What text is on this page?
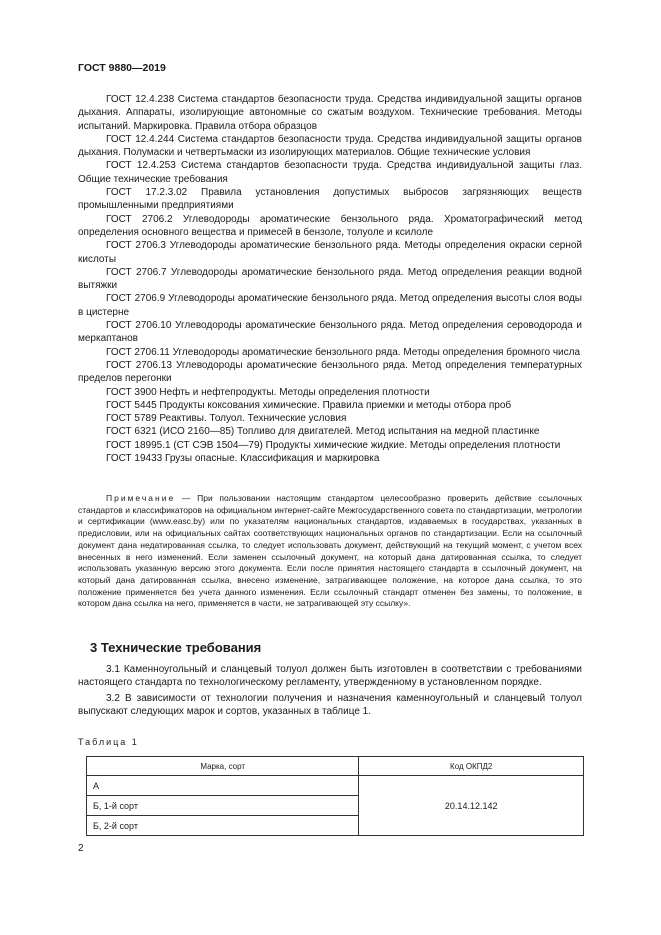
ГОСТ 9880—2019

ГОСТ 12.4.238 Система стандартов безопасности труда. Средства индивидуальной защиты органов дыхания. Аппараты, изолирующие автономные со сжатым воздухом. Технические требования. Методы испытаний. Маркировка. Правила отбора образцов

ГОСТ 12.4.244 Система стандартов безопасности труда. Средства индивидуальной защиты органов дыхания. Полумаски и четвертьмаски из изолирующих материалов. Общие технические условия

ГОСТ 12.4.253 Система стандартов безопасности труда. Средства индивидуальной защиты глаз. Общие технические требования

ГОСТ 17.2.3.02 Правила установления допустимых выбросов загрязняющих веществ промышленными предприятиями

ГОСТ 2706.2 Углеводороды ароматические бензольного ряда. Хроматографический метод определения основного вещества и примесей в бензоле, толуоле и ксилоле

ГОСТ 2706.3 Углеводороды ароматические бензольного ряда. Методы определения окраски серной кислоты

ГОСТ 2706.7 Углеводороды ароматические бензольного ряда. Метод определения реакции водной вытяжки

ГОСТ 2706.9 Углеводороды ароматические бензольного ряда. Метод определения высоты слоя воды в цистерне

ГОСТ 2706.10 Углеводороды ароматические бензольного ряда. Метод определения сероводорода и меркаптанов

ГОСТ 2706.11 Углеводороды ароматические бензольного ряда. Методы определения бромного числа

ГОСТ 2706.13 Углеводороды ароматические бензольного ряда. Метод определения температурных пределов перегонки

ГОСТ 3900 Нефть и нефтепродукты. Методы определения плотности

ГОСТ 5445 Продукты коксования химические. Правила приемки и методы отбора проб

ГОСТ 5789 Реактивы. Толуол. Технические условия

ГОСТ 6321 (ИСО 2160—85) Топливо для двигателей. Метод испытания на медной пластинке

ГОСТ 18995.1 (СТ СЭВ 1504—79) Продукты химические жидкие. Методы определения плотности

ГОСТ 19433 Грузы опасные. Классификация и маркировка

Примечание — При пользовании настоящим стандартом целесообразно проверить действие ссылочных стандартов и классификаторов на официальном интернет-сайте Межгосударственного совета по стандартизации, метрологии и сертификации (www.easc.by) или по указателям национальных стандартов, издаваемых в государствах, указанных в предисловии, или на официальных сайтах соответствующих национальных органов по стандартизации. Если на ссылочный документ дана недатированная ссылка, то следует использовать документ, действующий на текущий момент, с учетом всех внесенных в него изменений. Если заменен ссылочный документ, на который дана датированная ссылка, то следует использовать указанную версию этого документа. Если после принятия настоящего стандарта в ссылочный документ, на который дана датированная ссылка, внесено изменение, затрагивающее положение, на которое дана ссылка, то это положение применяется без учета данного изменения. Если ссылочный стандарт отменен без замены, то положение, в котором дана ссылка на него, применяется в части, не затрагивающей эту ссылку».

3 Технические требования

3.1 Каменноугольный и сланцевый толуол должен быть изготовлен в соответствии с требованиями настоящего стандарта по технологическому регламенту, утвержденному в установленном порядке.

3.2 В зависимости от технологии получения и назначения каменноугольный и сланцевый толуол выпускают следующих марок и сортов, указанных в таблице 1.

Таблица 1
Марка, сорт	Код ОКПД2
А	20.14.12.142
Б, 1-й сорт	
Б, 2-й сорт	
2
